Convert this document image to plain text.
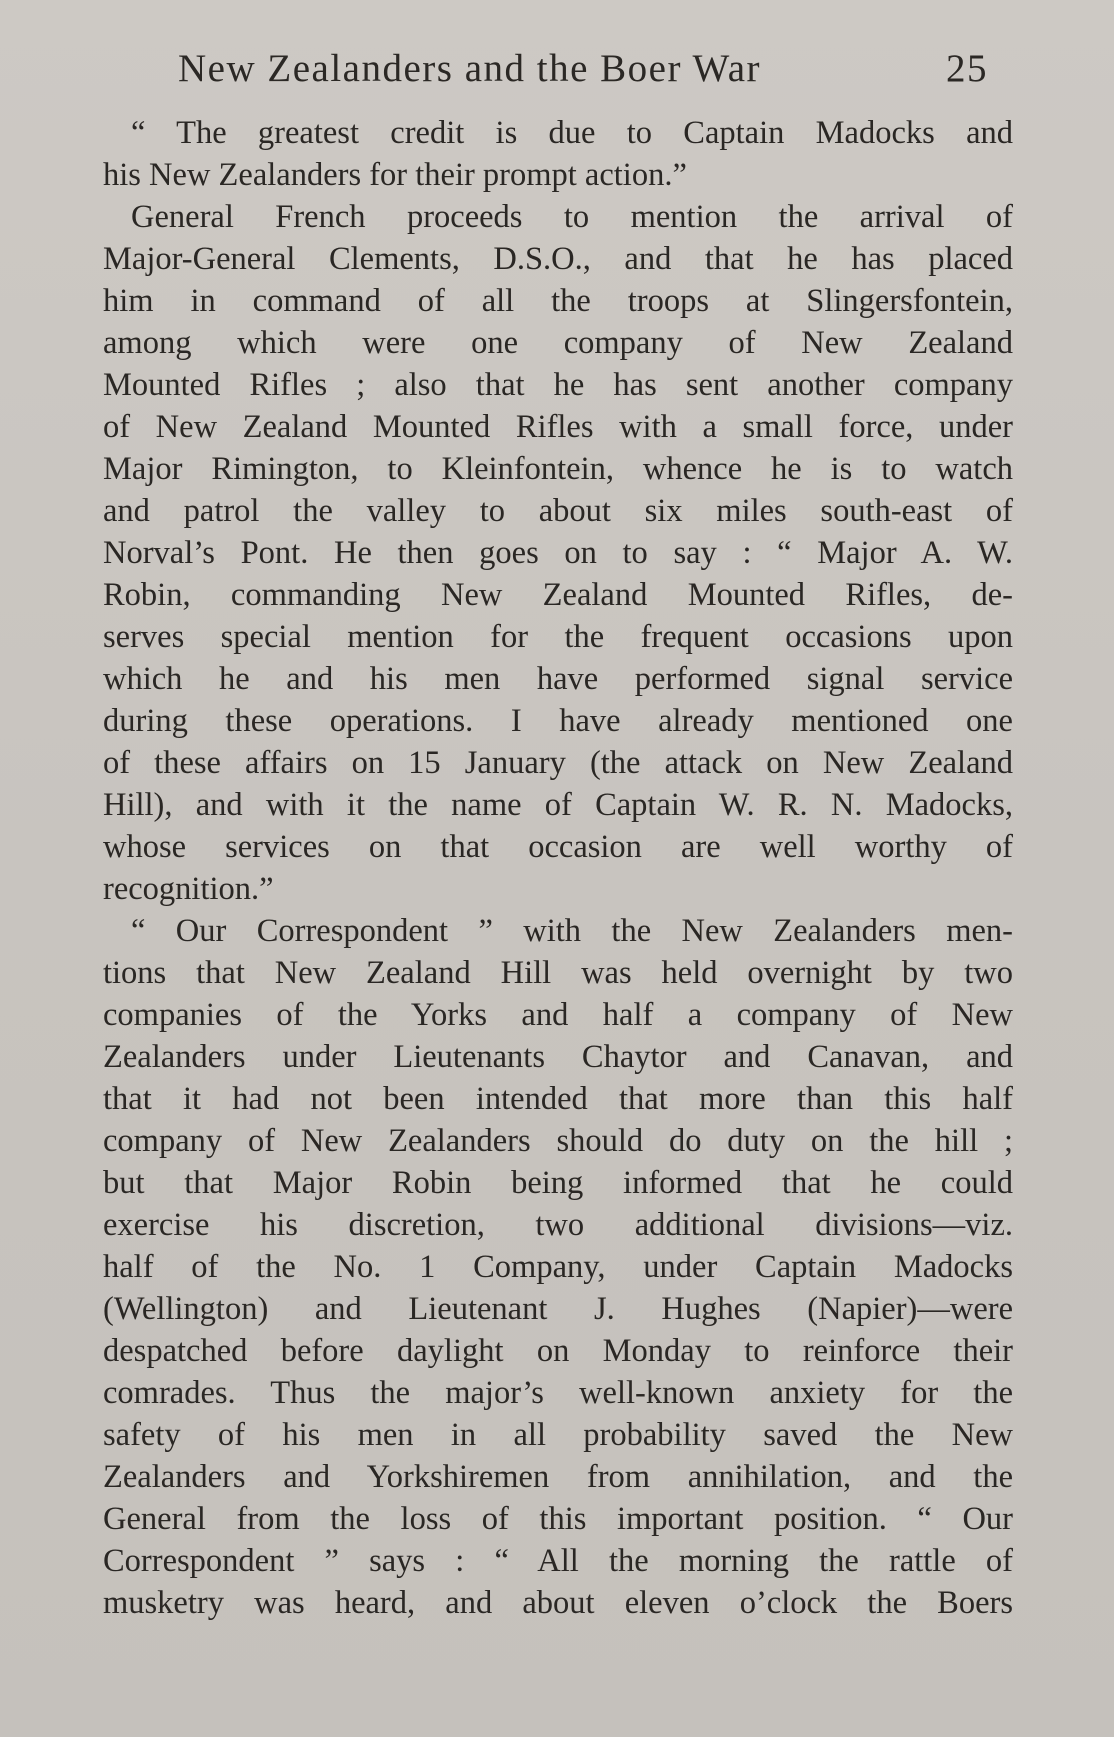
New Zealanders and the Boer War	25
“ The greatest credit is due to Captain Madocks and
his New Zealanders for their prompt action.”
General French proceeds to mention the arrival of
Major-General Clements, D.S.O., and that he has placed
him in command of all the troops at Slingersfontein,
among which were one company of New Zealand
Mounted Rifles ; also that he has sent another company
of New Zealand Mounted Rifles with a small force, under
Major Rimington, to Kleinfontein, whence he is to watch
and patrol the valley to about six miles south-east of
Norval’s Pont. He then goes on to say : “ Major A. W.
Robin, commanding New Zealand Mounted Rifles, de-
serves special mention for the frequent occasions upon
which he and his men have performed signal service
during these operations. I have already mentioned one
of these affairs on 15 January (the attack on New Zealand
Hill), and with it the name of Captain W. R. N. Madocks,
whose services on that occasion are well worthy of
recognition.”
“ Our Correspondent ” with the New Zealanders men-
tions that New Zealand Hill was held overnight by two
companies of the Yorks and half a company of New
Zealanders under Lieutenants Chaytor and Canavan, and
that it had not been intended that more than this half
company of New Zealanders should do duty on the hill ;
but that Major Robin being informed that he could
exercise his discretion, two additional divisions—viz.
half of the No. 1 Company, under Captain Madocks
(Wellington) and Lieutenant J. Hughes (Napier)—were
despatched before daylight on Monday to reinforce their
comrades. Thus the major’s well-known anxiety for the
safety of his men in all probability saved the New
Zealanders and Yorkshiremen from annihilation, and the
General from the loss of this important position. “ Our
Correspondent ” says : “ All the morning the rattle of
musketry was heard, and about eleven o’clock the Boers
